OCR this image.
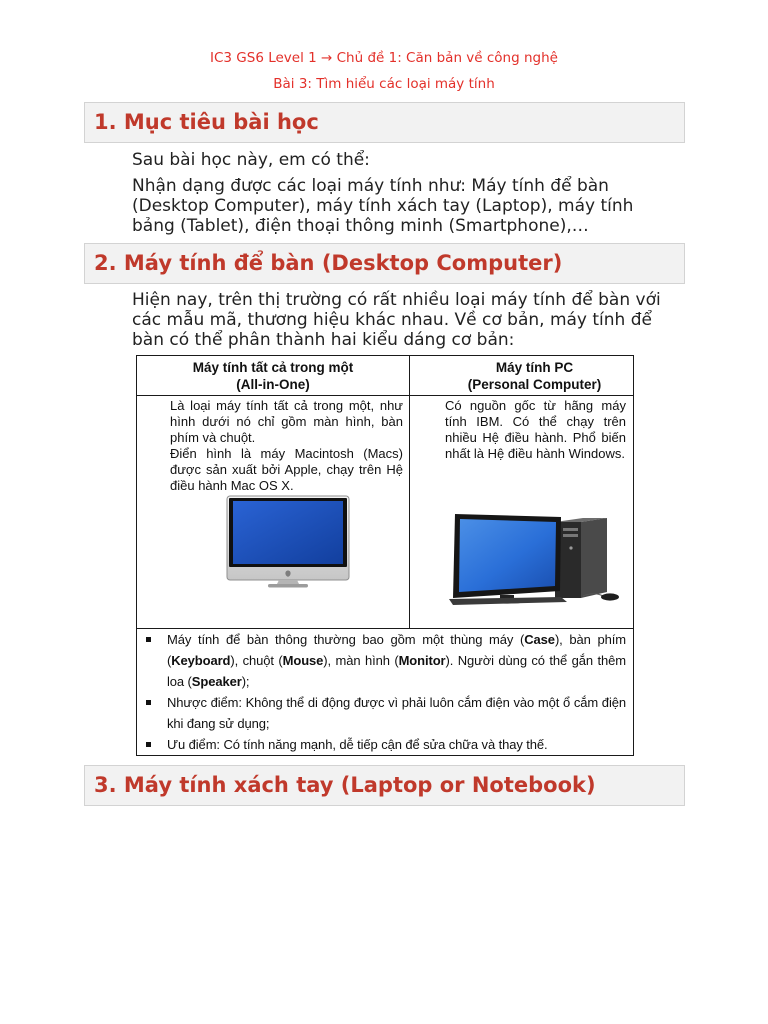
IC3 GS6 Level 1 → Chủ đề 1: Căn bản về công nghệ
Bài 3: Tìm hiểu các loại máy tính
1. Mục tiêu bài học

Sau bài học này, em có thể:

Nhận dạng được các loại máy tính như: Máy tính để bàn (Desktop Computer), máy tính xách tay (Laptop), máy tính bảng (Tablet), điện thoại thông minh (Smartphone),…

2. Máy tính để bàn (Desktop Computer)

Hiện nay, trên thị trường có rất nhiều loại máy tính để bàn với các mẫu mã, thương hiệu khác nhau. Về cơ bản, máy tính để bàn có thể phân thành hai kiểu dáng cơ bản:

Máy tính tất cả trong một
(All-in-One)
Máy tính PC
(Personal Computer)

Là loại máy tính tất cả trong một, như hình dưới nó chỉ gồm màn hình, bàn phím và chuột.

Điển hình là máy Macintosh (Macs) được sản xuất bởi Apple, chạy trên Hệ điều hành Mac OS X.

Có nguồn gốc từ hãng máy tính IBM. Có thể chạy trên nhiều Hệ điều hành. Phổ biến nhất là Hệ điều hành Windows.

Máy tính để bàn thông thường bao gồm một thùng máy (Case), bàn phím (Keyboard), chuột (Mouse), màn hình (Monitor). Người dùng có thể gắn thêm loa (Speaker);
Nhược điểm: Không thể di động được vì phải luôn cắm điện vào một ổ cắm điện khi đang sử dụng;
Ưu điểm: Có tính năng mạnh, dễ tiếp cận để sửa chữa và thay thế.
3. Máy tính xách tay (Laptop or Notebook)
